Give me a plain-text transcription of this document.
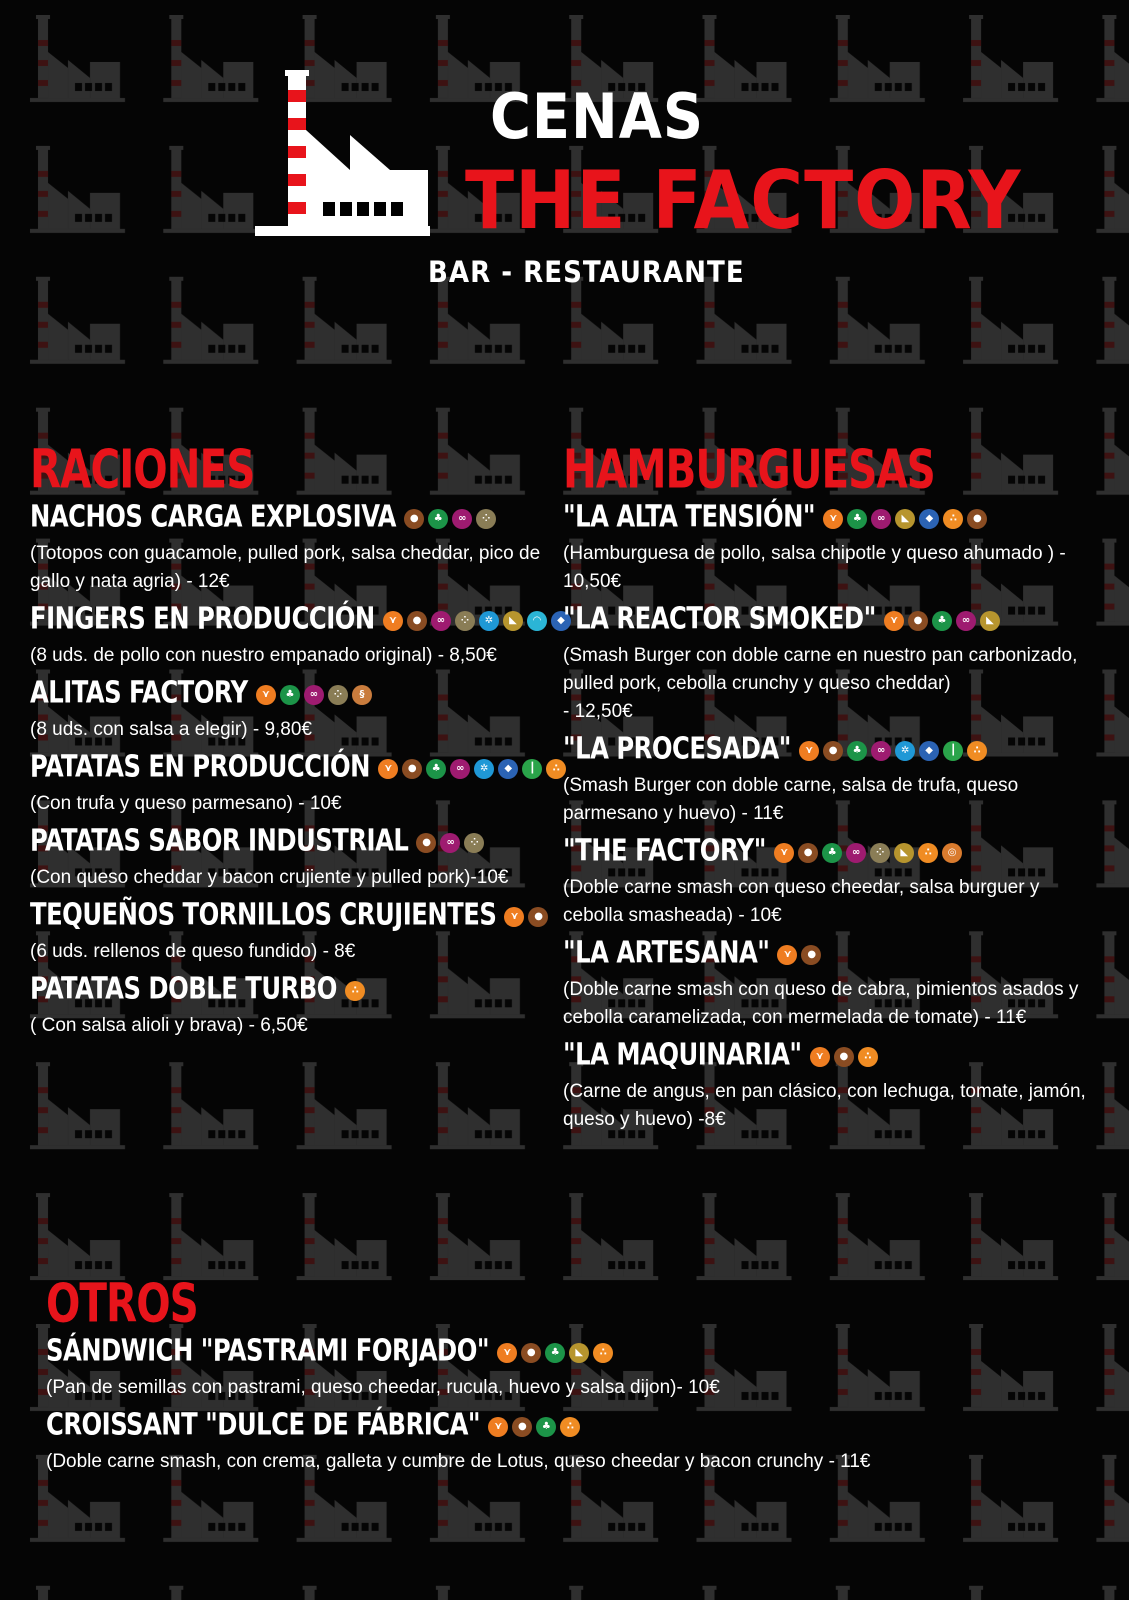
CENAS
THE FACTORY
BAR - RESTAURANTE
RACIONES
NACHOS CARGA EXPLOSIVA	●	♣	∞	⁘
(Totopos con guacamole, pulled pork, salsa cheddar, pico de gallo y nata agria) - 12€
FINGERS EN PRODUCCIÓN	⋎	●	∞	⁘	✲	◣	◠	◆
(8 uds. de pollo con nuestro empanado original) - 8,50€
ALITAS FACTORY	⋎	♣	∞	⁘	§
(8 uds. con salsa a elegir) - 9,80€
PATATAS EN PRODUCCIÓN	⋎	●	♣	∞	✲	◆	┃	∴
(Con trufa y queso parmesano) - 10€
PATATAS SABOR INDUSTRIAL	●	∞	⁘
(Con queso cheddar y bacon crujiente y pulled pork)-10€
TEQUEÑOS TORNILLOS CRUJIENTES	⋎	●
(6 uds. rellenos de queso fundido) - 8€
PATATAS DOBLE TURBO	∴
( Con salsa alioli y brava) - 6,50€
HAMBURGUESAS
"LA ALTA TENSIÓN"	⋎	♣	∞	◣	◆	∴	●
(Hamburguesa de pollo, salsa chipotle y queso ahumado ) - 10,50€
"LA REACTOR SMOKED"	⋎	●	♣	∞	◣
(Smash Burger con doble carne en nuestro pan carbonizado, pulled pork, cebolla crunchy y queso cheddar)
- 12,50€
"LA PROCESADA"	⋎	●	♣	∞	✲	◆	┃	∴
(Smash Burger con doble carne, salsa de trufa, queso parmesano y huevo) - 11€
"THE FACTORY"	⋎	●	♣	∞	⁘	◣	∴	◎
(Doble carne smash con queso cheedar, salsa burguer y cebolla smasheada) - 10€
"LA ARTESANA"	⋎	●
(Doble carne smash con queso de cabra, pimientos asados y cebolla caramelizada, con mermelada de tomate) - 11€
"LA MAQUINARIA"	⋎	●	∴
(Carne de angus, en pan clásico, con lechuga, tomate, jamón, queso y huevo) -8€
OTROS
SÁNDWICH "PASTRAMI FORJADO"	⋎	●	♣	◣	∴
(Pan de semillas con pastrami, queso cheedar, rucula, huevo y salsa dijon)- 10€
CROISSANT "DULCE DE FÁBRICA"	⋎	●	♣	∴
(Doble carne smash, con crema, galleta y cumbre de Lotus, queso cheedar y bacon crunchy - 11€
